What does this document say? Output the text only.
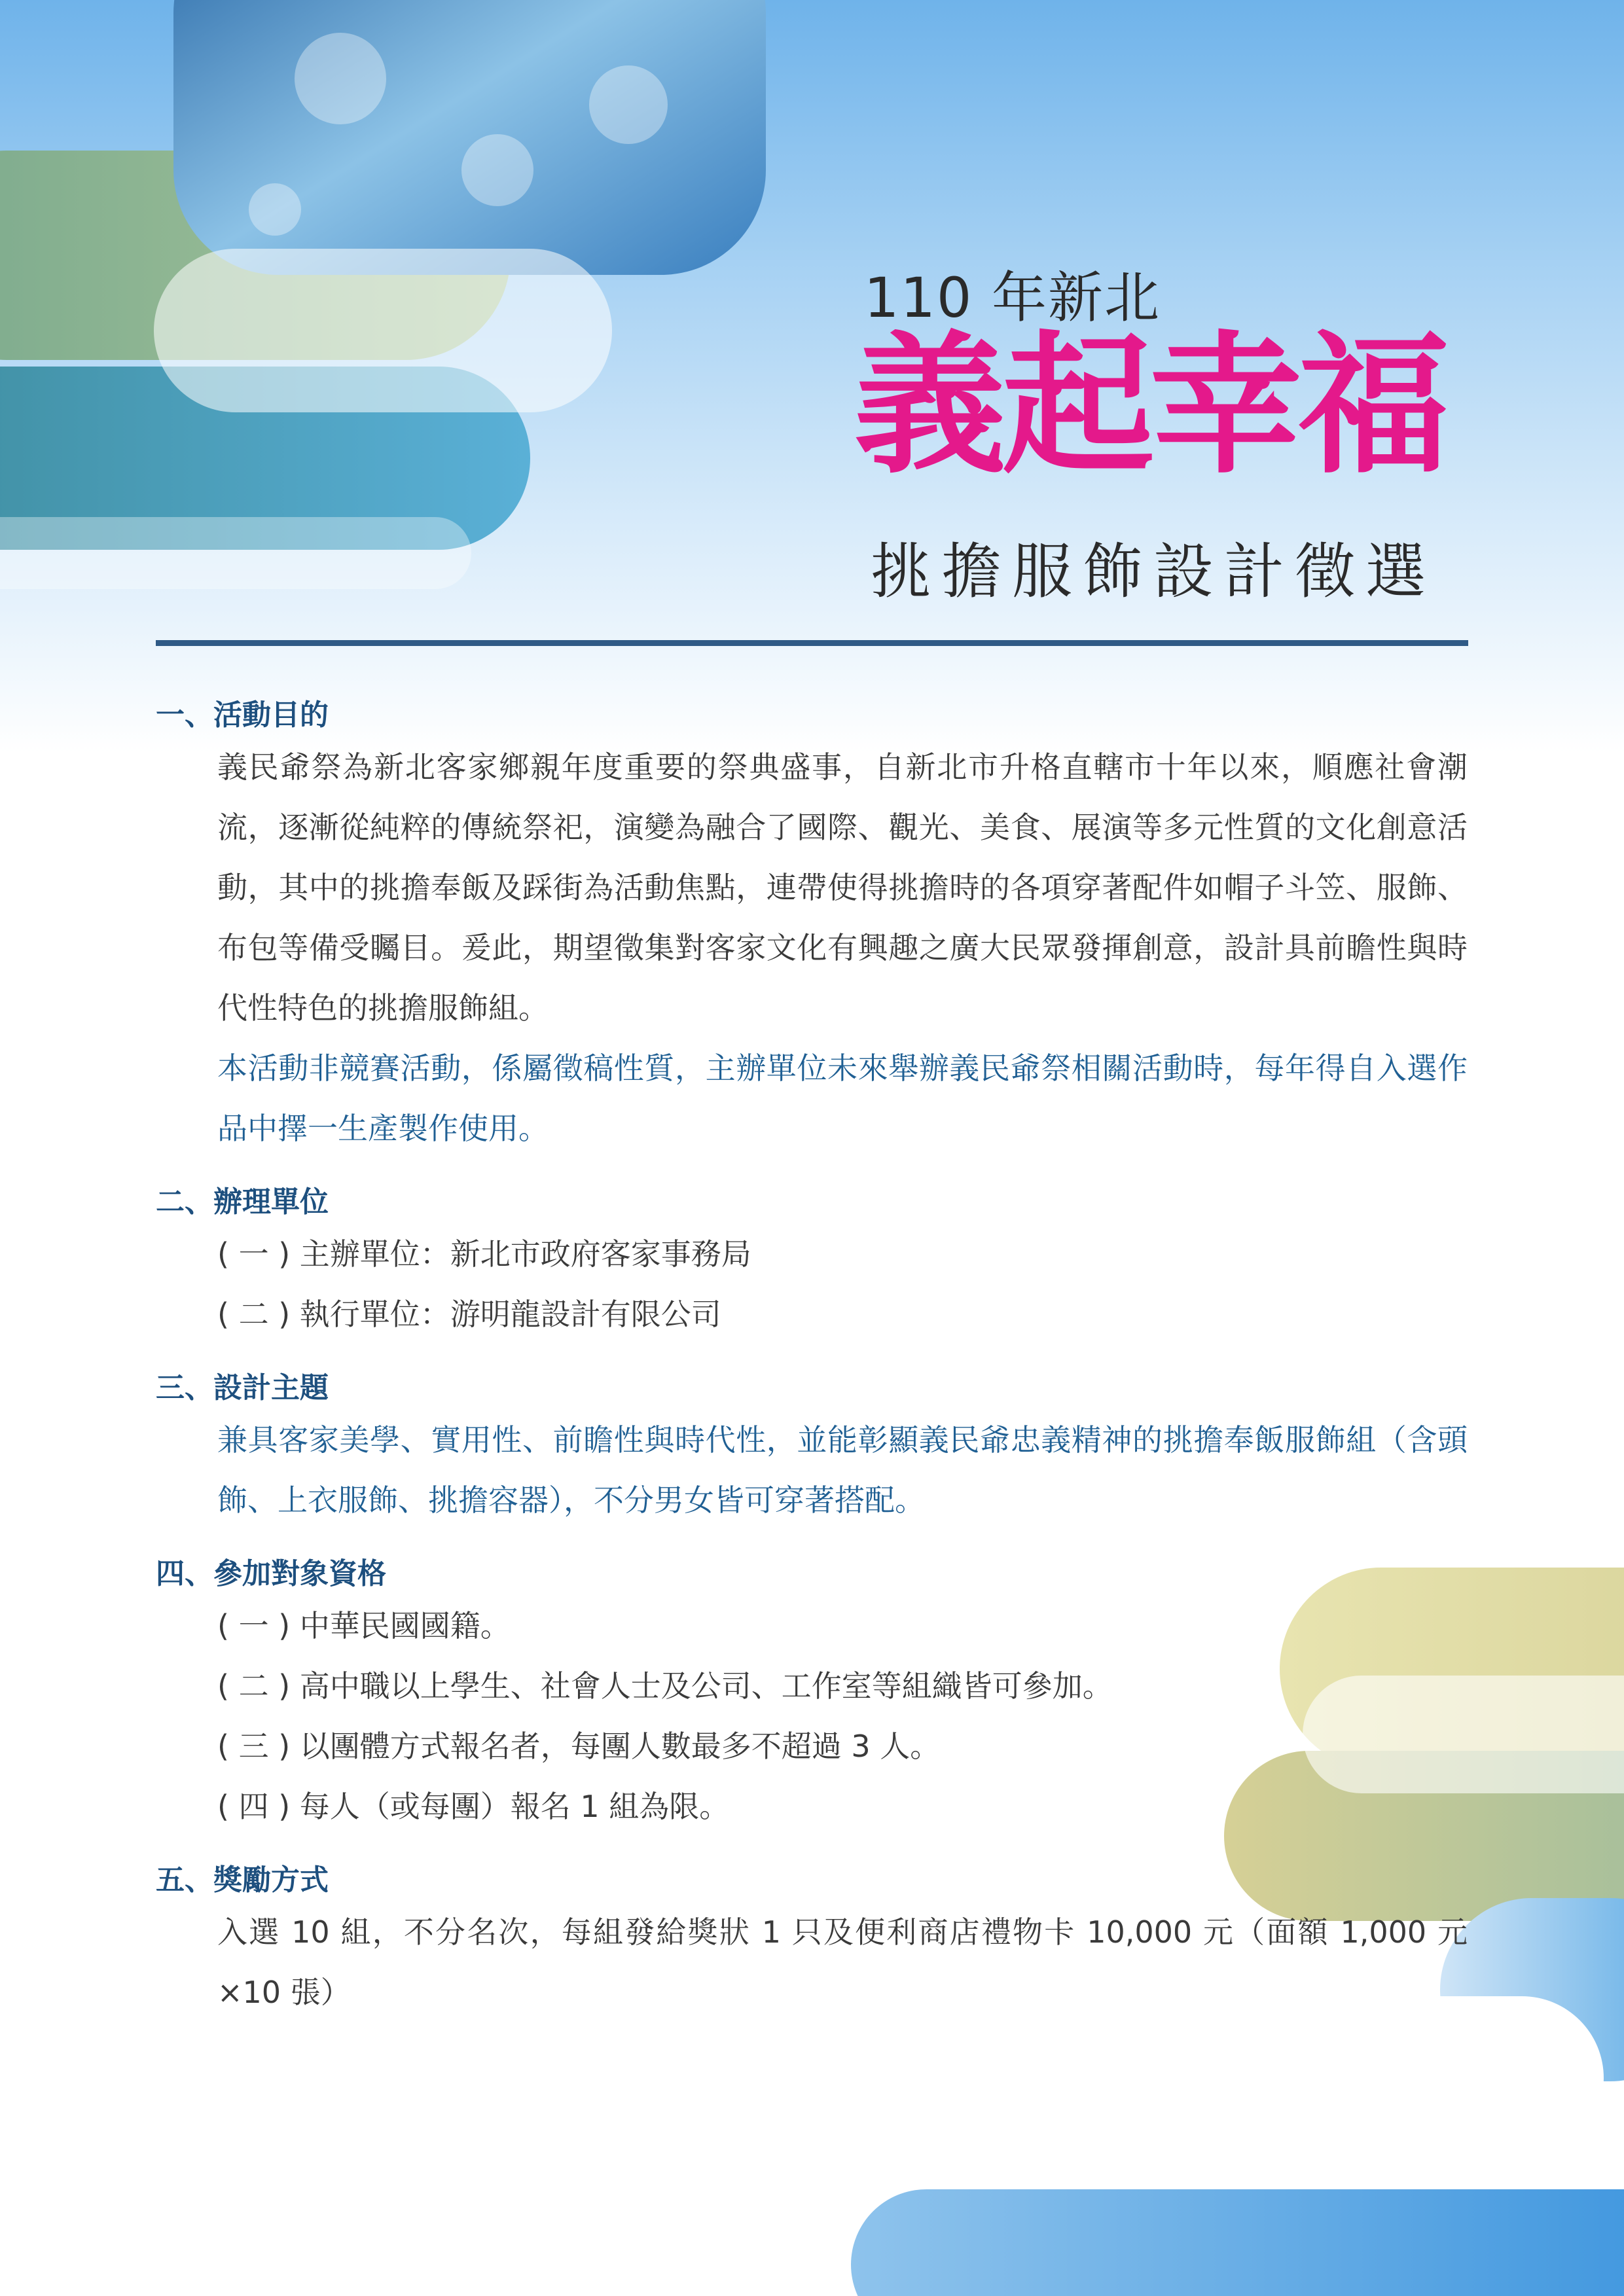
110 年新北
義起幸福
挑擔服飾設計徵選
一、活動目的
義民爺祭為新北客家鄉親年度重要的祭典盛事，自新北市升格直轄市十年以來，順應社會潮流，逐漸從純粹的傳統祭祀，演變為融合了國際、觀光、美食、展演等多元性質的文化創意活動，其中的挑擔奉飯及踩街為活動焦點，連帶使得挑擔時的各項穿著配件如帽子斗笠、服飾、布包等備受矚目。爰此，期望徵集對客家文化有興趣之廣大民眾發揮創意，設計具前瞻性與時代性特色的挑擔服飾組。
本活動非競賽活動，係屬徵稿性質，主辦單位未來舉辦義民爺祭相關活動時，每年得自入選作品中擇一生產製作使用。
二、辦理單位
( 一 ) 主辦單位：新北市政府客家事務局
( 二 ) 執行單位：游明龍設計有限公司
三、設計主題
兼具客家美學、實用性、前瞻性與時代性，並能彰顯義民爺忠義精神的挑擔奉飯服飾組（含頭飾、上衣服飾、挑擔容器），不分男女皆可穿著搭配。
四、參加對象資格
( 一 ) 中華民國國籍。
( 二 ) 高中職以上學生、社會人士及公司、工作室等組織皆可參加。
( 三 ) 以團體方式報名者，每團人數最多不超過 3 人。
( 四 ) 每人（或每團）報名 1 組為限。
五、獎勵方式
入選 10 組，不分名次，每組發給獎狀 1 只及便利商店禮物卡 10,000 元（面額 1,000 元 ×10 張）
